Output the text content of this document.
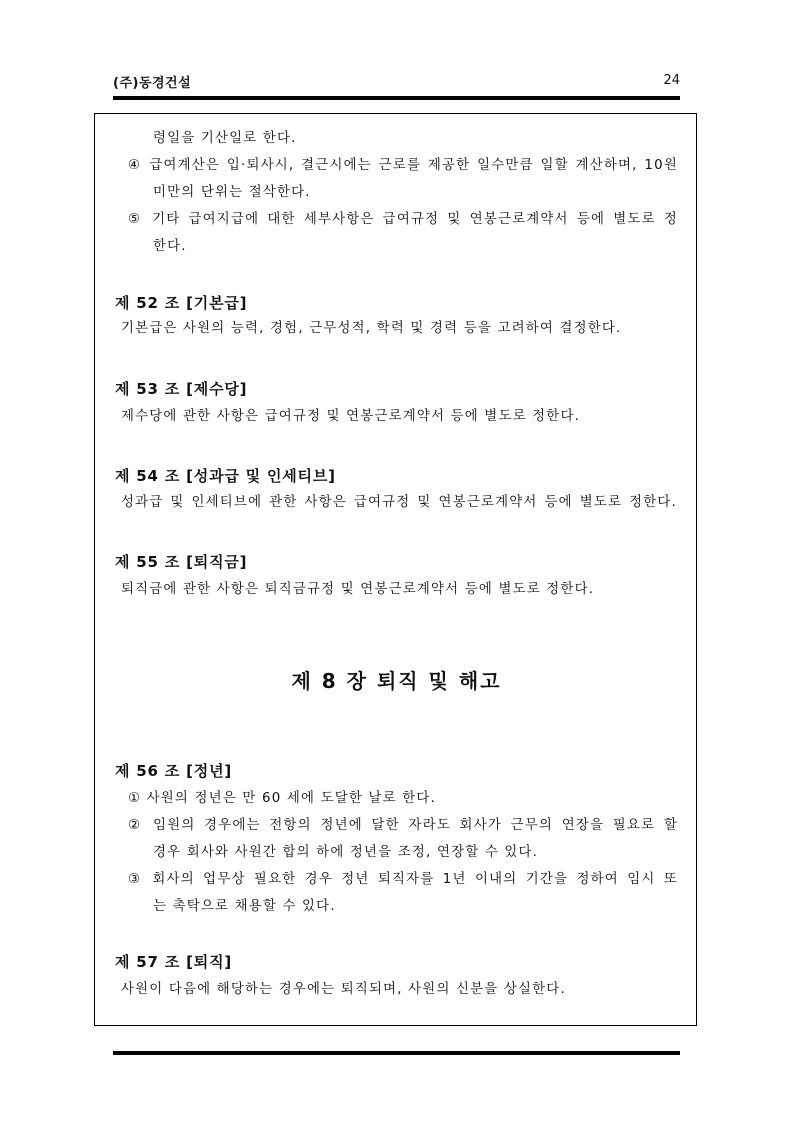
(주)동경건설	24
령일을 기산일로 한다.
④ 급여계산은 입·퇴사시, 결근시에는 근로를 제공한 일수만큼 일할 계산하며, 10원
미만의 단위는 절삭한다.
⑤ 기타 급여지급에 대한 세부사항은 급여규정 및 연봉근로계약서 등에 별도로 정
한다.
제 52 조 [기본급]
기본급은 사원의 능력, 경험, 근무성적, 학력 및 경력 등을 고려하여 결정한다.
제 53 조 [제수당]
제수당에 관한 사항은 급여규정 및 연봉근로계약서 등에 별도로 정한다.
제 54 조 [성과급 및 인세티브]
성과급 및 인세티브에 관한 사항은 급여규정 및 연봉근로계약서 등에 별도로 정한다.
제 55 조 [퇴직금]
퇴직금에 관한 사항은 퇴직금규정 및 연봉근로계약서 등에 별도로 정한다.
제 8 장 퇴직 및 해고
제 56 조 [정년]
① 사원의 정년은 만 60 세에 도달한 날로 한다.
② 임원의 경우에는 전항의 정년에 달한 자라도 회사가 근무의 연장을 필요로 할
경우 회사와 사원간 합의 하에 정년을 조정, 연장할 수 있다.
③ 회사의 업무상 필요한 경우 정년 퇴직자를 1년 이내의 기간을 정하여 임시 또
는 촉탁으로 채용할 수 있다.
제 57 조 [퇴직]
사원이 다음에 해당하는 경우에는 퇴직되며, 사원의 신분을 상실한다.
